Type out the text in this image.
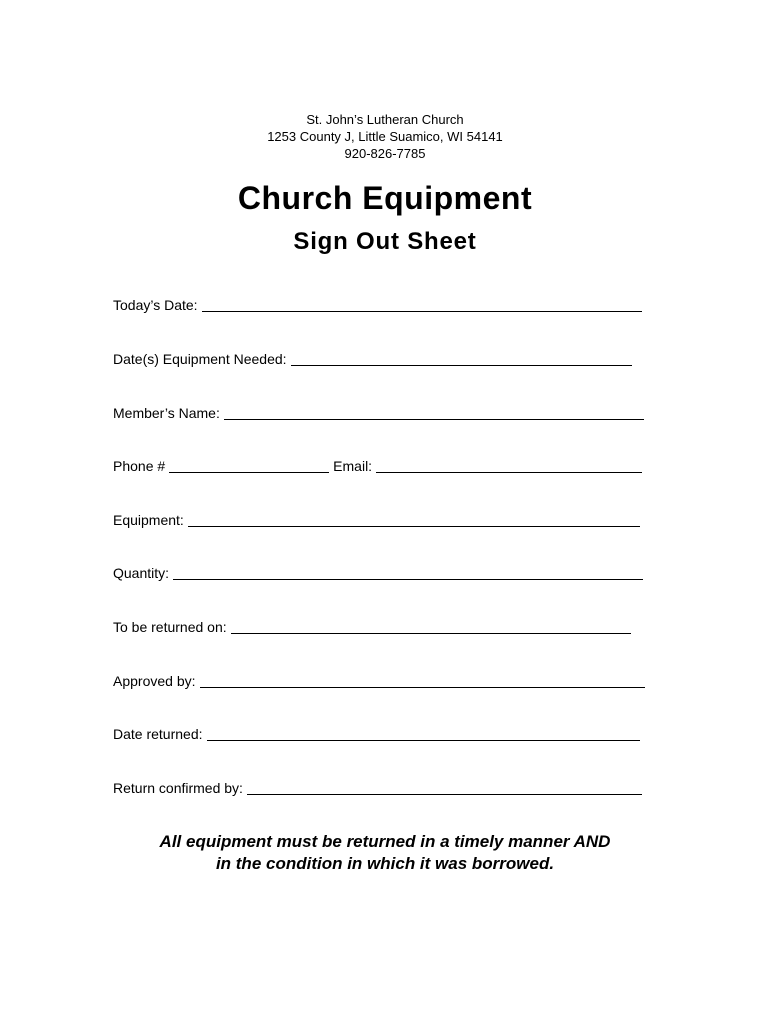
St. John’s Lutheran Church
1253 County J, Little Suamico, WI 54141
920-826-7785
Church Equipment
Sign Out Sheet
Today’s Date:
Date(s) Equipment Needed:
Member’s Name:
Phone #	Email:
Equipment:
Quantity:
To be returned on:
Approved by:
Date returned:
Return confirmed by:
All equipment must be returned in a timely manner AND
in the condition in which it was borrowed.
